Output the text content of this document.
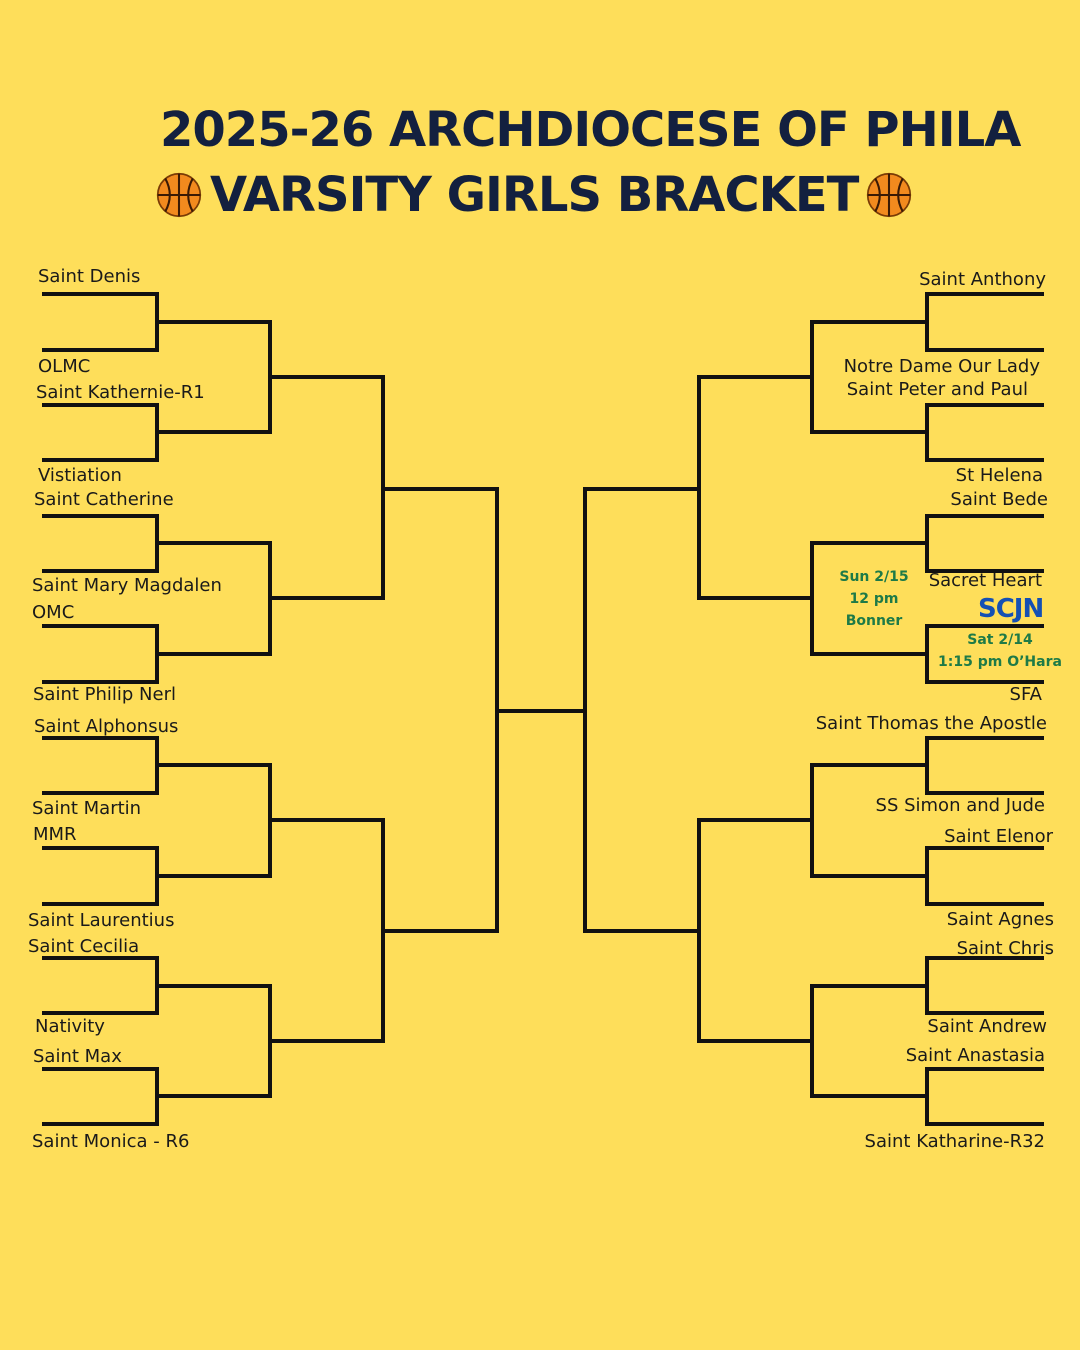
2025-26 ARCHDIOCESE OF PHILA
VARSITY GIRLS BRACKET
Saint Denis
OLMC
Saint Kathernie-R1
Vistiation
Saint Catherine
Saint Mary Magdalen
OMC
Saint Philip Nerl
Saint Alphonsus
Saint Martin
MMR
Saint Laurentius
Saint Cecilia
Nativity
Saint Max
Saint Monica - R6
Saint Anthony
Notre Dame Our Lady
Saint Peter and Paul
St Helena
Saint Bede
Sacret Heart
SFA
Saint Thomas the Apostle
SS Simon and Jude
Saint Elenor
Saint Agnes
Saint Chris
Saint Andrew
Saint Anastasia
Saint Katharine-R32
Sun 2/15
12 pm
Bonner	SCJN
Sat 2/14
1:15 pm O’Hara
